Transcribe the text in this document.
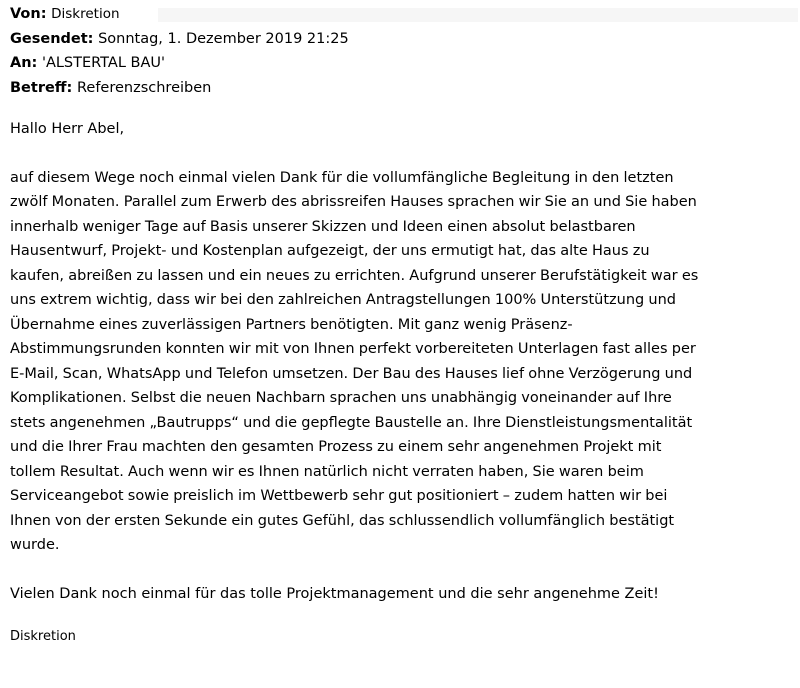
Von: Diskretion
Gesendet: Sonntag, 1. Dezember 2019 21:25
An: 'ALSTERTAL BAU'
Betreff: Referenzschreiben
Hallo Herr Abel,
auf diesem Wege noch einmal vielen Dank für die vollumfängliche Begleitung in den letzten
zwölf Monaten. Parallel zum Erwerb des abrissreifen Hauses sprachen wir Sie an und Sie haben
innerhalb weniger Tage auf Basis unserer Skizzen und Ideen einen absolut belastbaren
Hausentwurf, Projekt- und Kostenplan aufgezeigt, der uns ermutigt hat, das alte Haus zu
kaufen, abreißen zu lassen und ein neues zu errichten. Aufgrund unserer Berufstätigkeit war es
uns extrem wichtig, dass wir bei den zahlreichen Antragstellungen 100% Unterstützung und
Übernahme eines zuverlässigen Partners benötigten. Mit ganz wenig Präsenz-
Abstimmungsrunden konnten wir mit von Ihnen perfekt vorbereiteten Unterlagen fast alles per
E-Mail, Scan, WhatsApp und Telefon umsetzen. Der Bau des Hauses lief ohne Verzögerung und
Komplikationen. Selbst die neuen Nachbarn sprachen uns unabhängig voneinander auf Ihre
stets angenehmen „Bautrupps“ und die gepflegte Baustelle an. Ihre Dienstleistungsmentalität
und die Ihrer Frau machten den gesamten Prozess zu einem sehr angenehmen Projekt mit
tollem Resultat. Auch wenn wir es Ihnen natürlich nicht verraten haben, Sie waren beim
Serviceangebot sowie preislich im Wettbewerb sehr gut positioniert – zudem hatten wir bei
Ihnen von der ersten Sekunde ein gutes Gefühl, das schlussendlich vollumfänglich bestätigt
wurde.
Vielen Dank noch einmal für das tolle Projektmanagement und die sehr angenehme Zeit!
Diskretion
